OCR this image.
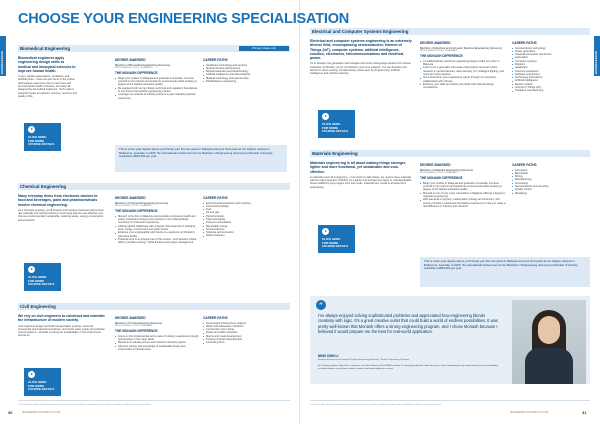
ENGINEERING	ENGINEERING
CHOOSE YOUR ENGINEERING SPECIALISATION
Biomedical Engineering	Primary intake only
Biomedical engineers apply engineering design skills to medical and biological sciences to improve human health.
X-rays, cardiac pacemakers, ventilators, and artificial joints – these are just some of the critical technologies used every day to save lives and promote better health outcomes, and were all designed by biomedical engineers. You'll make a powerful impact on patients' recovery, recovery and quality of life.
CLICK HERE
FOR MORE
COURSE DETAILS
DEGREE AWARDED
Bachelor of Biomedical Engineering (Honours)
MPU/Ol (FA8826) 07/2026 · MQA/FA0045
THE MONASH DIFFERENCE
Begin your studies in Malaysia and graduate in Australia, immerse yourself in two cultures and academic environments while studying a degree of the highest education quality.
Be equipped with strong clinical, technical and regulatory foundations to commence biomedical engineering practice.
Leverage our network of industry partners to gain valuable practical experience.
CAREER PATHS
Healthcare technology and services
Medical devices development
Biopharmaceutics and biotechnology
Artificial intelligence and data analytics
Medical technology entrepreneurship
Rehabilitation engineering
This is a four-year degree where you'll study your first two years in Malaysia and your final years at our Clayton campus in Melbourne, Australia. In 2025, the international student fees for the Bachelor of Engineering (Honours) at Monash University, Australia is A$53,600 per year.
Chemical Engineering
Many everyday items from electronic devices to food and beverages, paint and pharmaceuticals involve chemical engineering.
As a chemical engineer, you'll develop and improve processes that convert raw materials into useful products in such ways that are cost-effective and that are environmentally sustainable, reducing waste, energy consumption and emissions.
CLICK HERE
FOR MORE
COURSE DETAILS
DEGREE AWARDED
Bachelor of Chemical Engineering (Honours)
MPU/Ol (FA8827) 07/2026 · MQA/FA8827
THE MONASH DIFFERENCE
Monash is the first in Malaysia and Australia to introduce health and safety, industrial concepts and practices in the undergraduate curriculum for chemical engineering.
Address global challenges with a degree that responds to changing food, energy, environment and water needs.
Enhance your employability with hands-on experience at Monash's pilot plant facility.
Practical work is an integral part of this course. You'll develop critical skills in problem solving, critical thinking and project management.
CAREER PATHS
Environmental protection and recycling
Food and beverage
Fuel
Oil and gas
Petrochemicals
Pharmaceuticals
Polymers and plastics
Renewable energy
Semiconductors
Toiletries and cosmetics
Water treatment
Civil Engineering
We rely on civil engineers to construct and maintain the infrastructure of modern society.
Civil engineers design and build transportation systems, construct commercial and industrial complexes, and create water supply and pollution control systems – all while ensuring the sustainability of the environment around us.
CLICK HERE
FOR MORE
COURSE DETAILS
DEGREE AWARDED
Bachelor of Civil Engineering (Honours)
MPU/Ol (FA8828) 07/2026 · MQA/FA8828
THE MONASH DIFFERENCE
Focus on the fundamentals and a taste of industry experience through opportunities in the major fields.
Benefit from industry-driven and research-oriented projects.
Advance society with knowledge of sustainable design and construction of infrastructure.
CAREER PATHS
Government infrastructure projects
Water and wastewater industries
Construction and mining
Roads and traffic industries
Marine and coast development
Property and land development
Consulting firms
Electrical and Computer Systems Engineering
Electrical and computer systems engineering is an extremely diverse field, encompassing semiconductor, Internet of Things (IoT), computer systems, artificial intelligence, robotics, electronics, telecommunications and electrical power.
It's to develop new generation technologies and smart cutting-edge solutions for various industries. At Monash, you're not limited to your core subjects. You can broaden your skill set in other exciting, complementary areas such as programming, artificial intelligence and machine learning.
CLICK HERE
FOR MORE
COURSE DETAILS
DEGREE AWARDED
Bachelor of Electrical and Computer Systems Engineering (Honours)
MPU/Ol (FA8829) 07/2026 · MQA/FA8829
THE MONASH DIFFERENCE
A multidisciplinary electrical engineering degree unlike any other in Malaysia.
Learn to be a generalist who aware that projects and event class research in semiconductors, deep learning, IoT, intelligent lighting, and micro and nano devices.
Get a foothold in your engineering career through our extension collaboration with industry.
Enhance your skills and select your fields with optional design competitions.
CAREER PATHS
Semiconductor technology
Power generation
Industrial and power electronics
Automation
Computer systems
Robotics
Healthcare
Telecommunications
Software engineering
Technology consultancy
Artificial intelligence
Electric vehicle
Internet of Things (IoT)
Intelligent manufacturing
Materials Engineering
Materials engineering is all about making things stronger, lighter and more functional, yet sustainable and cost-effective.
A materials touch all engineering – if we want to make things, we need to have materials with the right properties. Whether it's a lighter and stronger jet engine or a biodegradable tissue scaffold to grow organs from stem cells, materials are crucial to all aspects of engineering.
CLICK HERE
FOR MORE
COURSE DETAILS
DEGREE AWARDED
Bachelor of Materials Engineering (Honours)
MPU/Ol (FA8830) 07/2026 · MQA/FA8830
THE MONASH DIFFERENCE
Begin your studies in Malaysia and graduate in Australia. Immerse yourself in two cultures and academic environments while studying a degree of the highest education quality.
Monash is one of only a few universities in Malaysia offering a degree in materials engineering.
With elements of physics, mathematics, biology and chemistry, this course provides a varied and stimulating experience to help you make a real difference in industry and research.
CAREER PATHS
Aerospace
Biomedical
Mining
Manufacturing
Processing
Semiconductor and recycling
Quality control
Metallurgy
This is a four-year degree where you'll study your first two years in Malaysia and your final years at our Clayton campus in Melbourne, Australia. In 2025, the international student fees for the Bachelor of Engineering (Honours) at Monash University, Australia is A$53,600 per year.
“
I've always enjoyed solving sophisticated problems and appreciated how engineering blends creativity with logic. It's a great creative outlet that could build a world of endless possibilities. It was pretty well-known that Monash offers a strong engineering program, and I chose Monash because I believed it would prepare me the best for real-world application.
NING CHIN LI
Bachelor of Electrical and Computer Systems Engineering (Honours) · Student, Engineering Champion
As a Sunway engineer, Ning Chin Li, engineers, can build in Amazon Vehicle MMM controller ICs. Everything about the hands-on projects, they're helping deepen my understanding of circuits and building real-world solutions, proving how students, passion, and focused ability can succeed.
1. The Bachelor of Biomedical Engineering (Honours) will only be accredited in Engineers Australia upon accreditation at Monash University, Australia.	1. The Bachelor of Materials Engineering (Honours) will only be accredited as Engineers Australia upon accreditation at Monash University, Australia.
30	ENGINEERING PROSPECTUS 2026	ENGINEERING PROSPECTUS 2026	31
